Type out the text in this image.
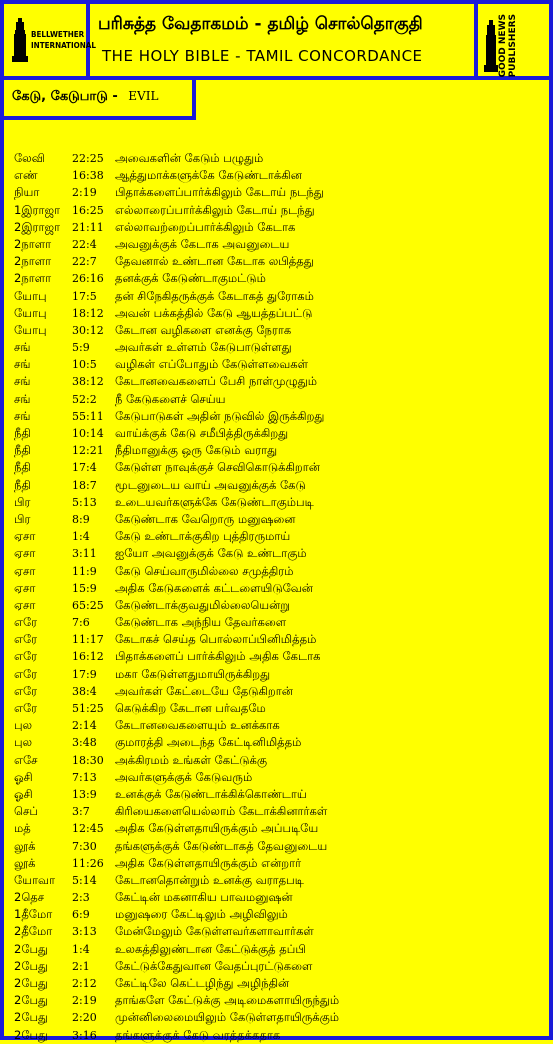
BELLWETHER
INTERNATIONAL
பரிசுத்த வேதாகமம் - தமிழ் சொல்தொகுதி
THE HOLY BIBLE - TAMIL CONCORDANCE	GOOD NEWS PUBLISHERS
கேடு, கேடுபாடு - EVIL
லேவி	22:25 அவைகளின் கேடும் பழுதும்
எண்	16:38 ஆத்துமாக்களுக்கே கேடுண்டாக்கின
நியா	2:19	பிதாக்களைப்பார்க்கிலும் கேடாய் நடந்து
1இராஜா	16:25 எல்லாரைப்பார்க்கிலும் கேடாய் நடந்து
2இராஜா	21:11 எல்லாவற்றைப்பார்க்கிலும் கேடாக
2நாளா	22:4	அவனுக்குக் கேடாக அவனுடைய
2நாளா	22:7	தேவனால் உண்டான கேடாக லபித்தது
2நாளா	26:16 தனக்குக் கேடுண்டாகுமட்டும்
யோபு	17:5	தன் சிநேகிதருக்குக் கேடாகத் துரோகம்
யோபு	18:12 அவன் பக்கத்தில் கேடு ஆயத்தப்பட்டு
யோபு	30:12 கேடான வழிகளை எனக்கு நேராக
சங்	5:9	அவர்கள் உள்ளம் கேடுபாடுள்ளது
சங்	10:5	வழிகள் எப்போதும் கேடுள்ளவைகள்
சங்	38:12 கேடானவைகளைப் பேசி நாள்முழுதும்
சங்	52:2	நீ கேடுகளைச் செய்ய
சங்	55:11 கேடுபாடுகள் அதின் நடுவில் இருக்கிறது
நீதி	10:14 வாய்க்குக் கேடு சமீபித்திருக்கிறது
நீதி	12:21 நீதிமானுக்கு ஒரு கேடும் வராது
நீதி	17:4	கேடுள்ள நாவுக்குச் செவிகொடுக்கிறான்
நீதி	18:7	மூடனுடைய வாய் அவனுக்குக் கேடு
பிர	5:13	உடையவர்களுக்கே கேடுண்டாகும்படி
பிர	8:9	கேடுண்டாக வேறொரு மனுஷனை
ஏசா	1:4	கேடு உண்டாக்குகிற புத்திரருமாய்
ஏசா	3:11	ஐயோ அவனுக்குக் கேடு உண்டாகும்
ஏசா	11:9	கேடு செய்வாருமில்லை சமுத்திரம்
ஏசா	15:9	அதிக கேடுகளைக் கட்டளையிடுவேன்
ஏசா	65:25 கேடுண்டாக்குவதுமில்லையென்று
எரே	7:6	கேடுண்டாக அந்நிய தேவர்களை
எரே	11:17 கேடாகச் செய்த பொல்லாப்பினிமித்தம்
எரே	16:12 பிதாக்களைப் பார்க்கிலும் அதிக கேடாக
எரே	17:9	மகா கேடுள்ளதுமாயிருக்கிறது
எரே	38:4	அவர்கள் கேட்டையே தேடுகிறான்
எரே	51:25 கெடுக்கிற கேடான பர்வதமே
புல	2:14	கேடானவைகளையும் உனக்காக
புல	3:48	குமாரத்தி அடைந்த கேட்டினிமித்தம்
எசே	18:30 அக்கிரமம் உங்கள் கேட்டுக்கு
ஓசி	7:13	அவர்களுக்குக் கேடுவரும்
ஓசி	13:9	உனக்குக் கேடுண்டாக்கிக்கொண்டாய்
செப்	3:7	கிரியைகளையெல்லாம் கேடாக்கினார்கள்
மத்	12:45 அதிக கேடுள்ளதாயிருக்கும் அப்படியே
லூக்	7:30	தங்களுக்குக் கேடுண்டாகத் தேவனுடைய
லூக்	11:26 அதிக கேடுள்ளதாயிருக்கும் என்றார்
யோவா	5:14	கேடானதொன்றும் உனக்கு வராதபடி
2தெச	2:3	கேட்டின் மகனாகிய பாவமனுஷன்
1தீமோ	6:9	மனுஷரை கேட்டிலும் அழிவிலும்
2தீமோ	3:13	மேன்மேலும் கேடுள்ளவர்களாவார்கள்
2பேது	1:4	உலகத்திலுண்டான கேட்டுக்குத் தப்பி
2பேது	2:1	கேட்டுக்கேதுவான வேதப்புரட்டுகளை
2பேது	2:12	கேட்டிலே கெட்டழிந்து அழிந்தின்
2பேது	2:19	தாங்களே கேட்டுக்கு அடிமைகளாயிருந்தும்
2பேது	2:20	முன்னிலைமையிலும் கேடுள்ளதாயிருக்கும்
2பேது	3:16	தங்களுக்குக் கேடு வரத்தக்கதாக
